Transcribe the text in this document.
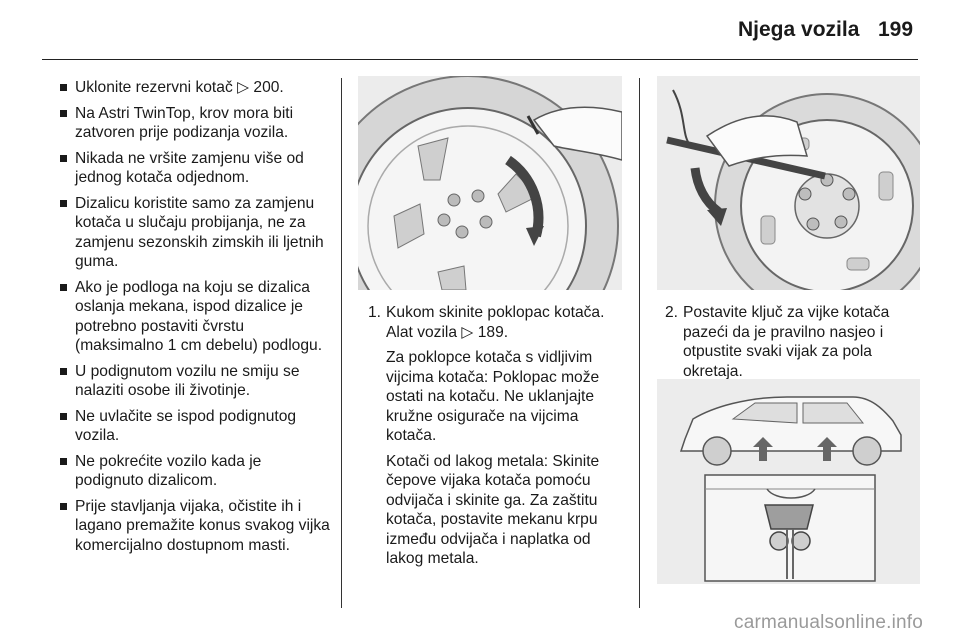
Njega vozila 199
Uklonite rezervni kotač ▷ 200.
Na Astri TwinTop, krov mora biti zatvoren prije podizanja vozila.
Nikada ne vršite zamjenu više od jednog kotača odjednom.
Dizalicu koristite samo za zamjenu kotača u slučaju probijanja, ne za zamjenu sezonskih zimskih ili ljetnih guma.
Ako je podloga na koju se dizalica oslanja mekana, ispod dizalice je potrebno postaviti čvrstu (maksimalno 1 cm debelu) podlogu.
U podignutom vozilu ne smiju se nalaziti osobe ili životinje.
Ne uvlačite se ispod podignutog vozila.
Ne pokrećite vozilo kada je podignuto dizalicom.
Prije stavljanja vijaka, očistite ih i lagano premažite konus svakog vijka komercijalno dostupnom masti.
1. Kukom skinite poklopac kotača. Alat vozila ▷ 189.

Za poklopce kotača s vidljivim vijcima kotača: Poklopac može ostati na kotaču. Ne uklanjajte kružne osigurače na vijcima kotača.

Kotači od lakog metala: Skinite čepove vijaka kotača pomoću odvijača i skinite ga. Za zaštitu kotača, postavite mekanu krpu između odvijača i naplatka od lakog metala.

2. Postavite ključ za vijke kotača pazeći da je pravilno nasjeo i otpustite svaki vijak za pola okretaja.

carmanualsonline.info
